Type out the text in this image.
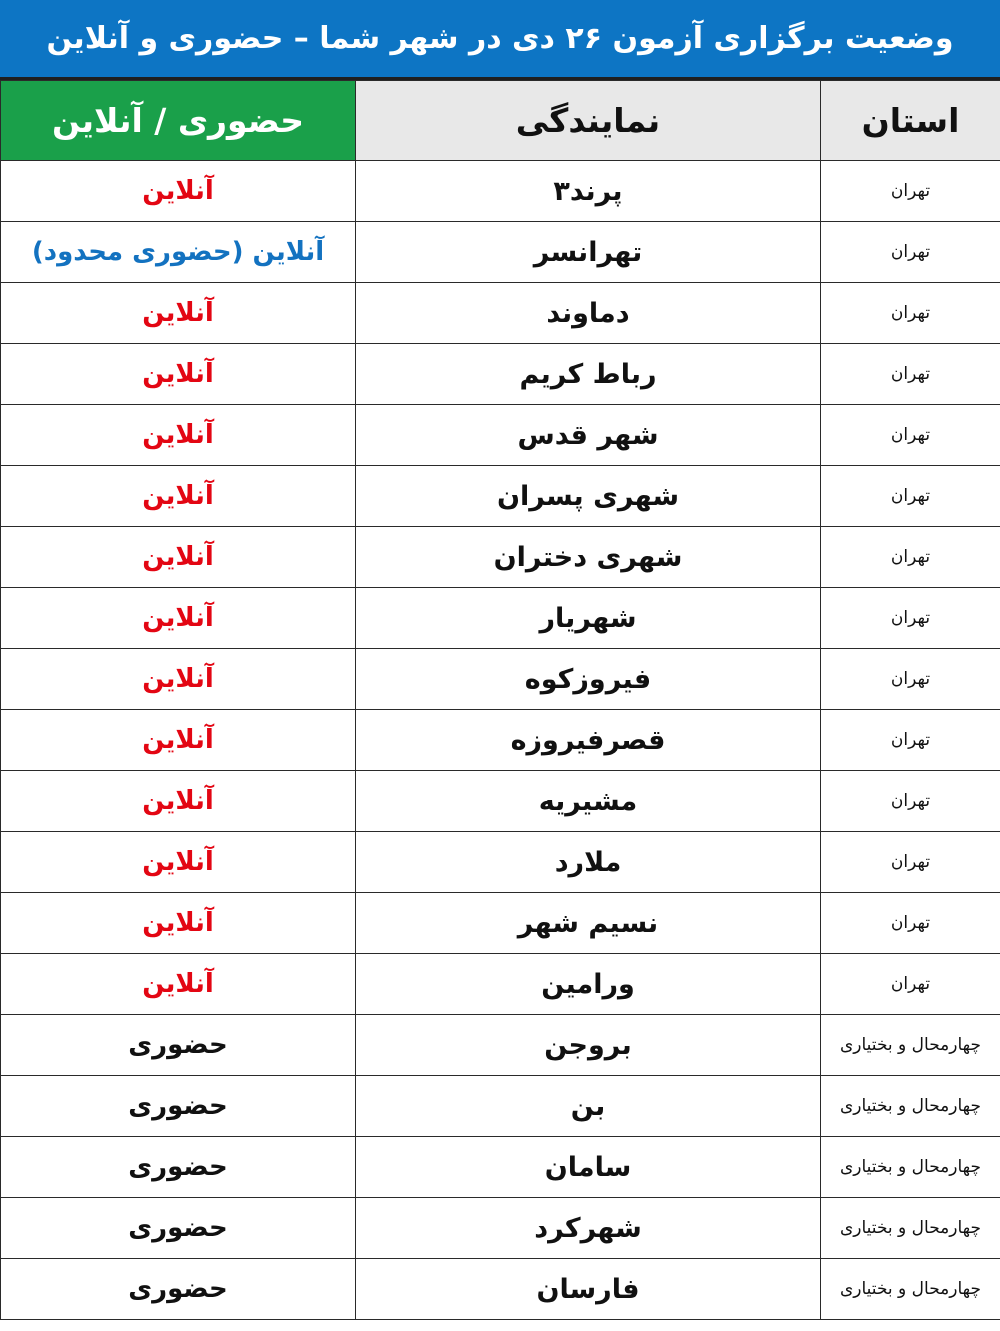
وضعیت برگزاری آزمون ۲۶ دی در شهر شما – حضوری و آنلاین
استان	نمایندگی	حضوری / آنلاین
تهران	پرند۳	آنلاین
تهران	تهرانسر	آنلاین (حضوری محدود)
تهران	دماوند	آنلاین
تهران	رباط کریم	آنلاین
تهران	شهر قدس	آنلاین
تهران	شهری پسران	آنلاین
تهران	شهری دختران	آنلاین
تهران	شهریار	آنلاین
تهران	فیروزکوه	آنلاین
تهران	قصرفیروزه	آنلاین
تهران	مشیریه	آنلاین
تهران	ملارد	آنلاین
تهران	نسیم شهر	آنلاین
تهران	ورامین	آنلاین
چهارمحال و بختیاری	بروجن	حضوری
چهارمحال و بختیاری	بن	حضوری
چهارمحال و بختیاری	سامان	حضوری
چهارمحال و بختیاری	شهرکرد	حضوری
چهارمحال و بختیاری	فارسان	حضوری
